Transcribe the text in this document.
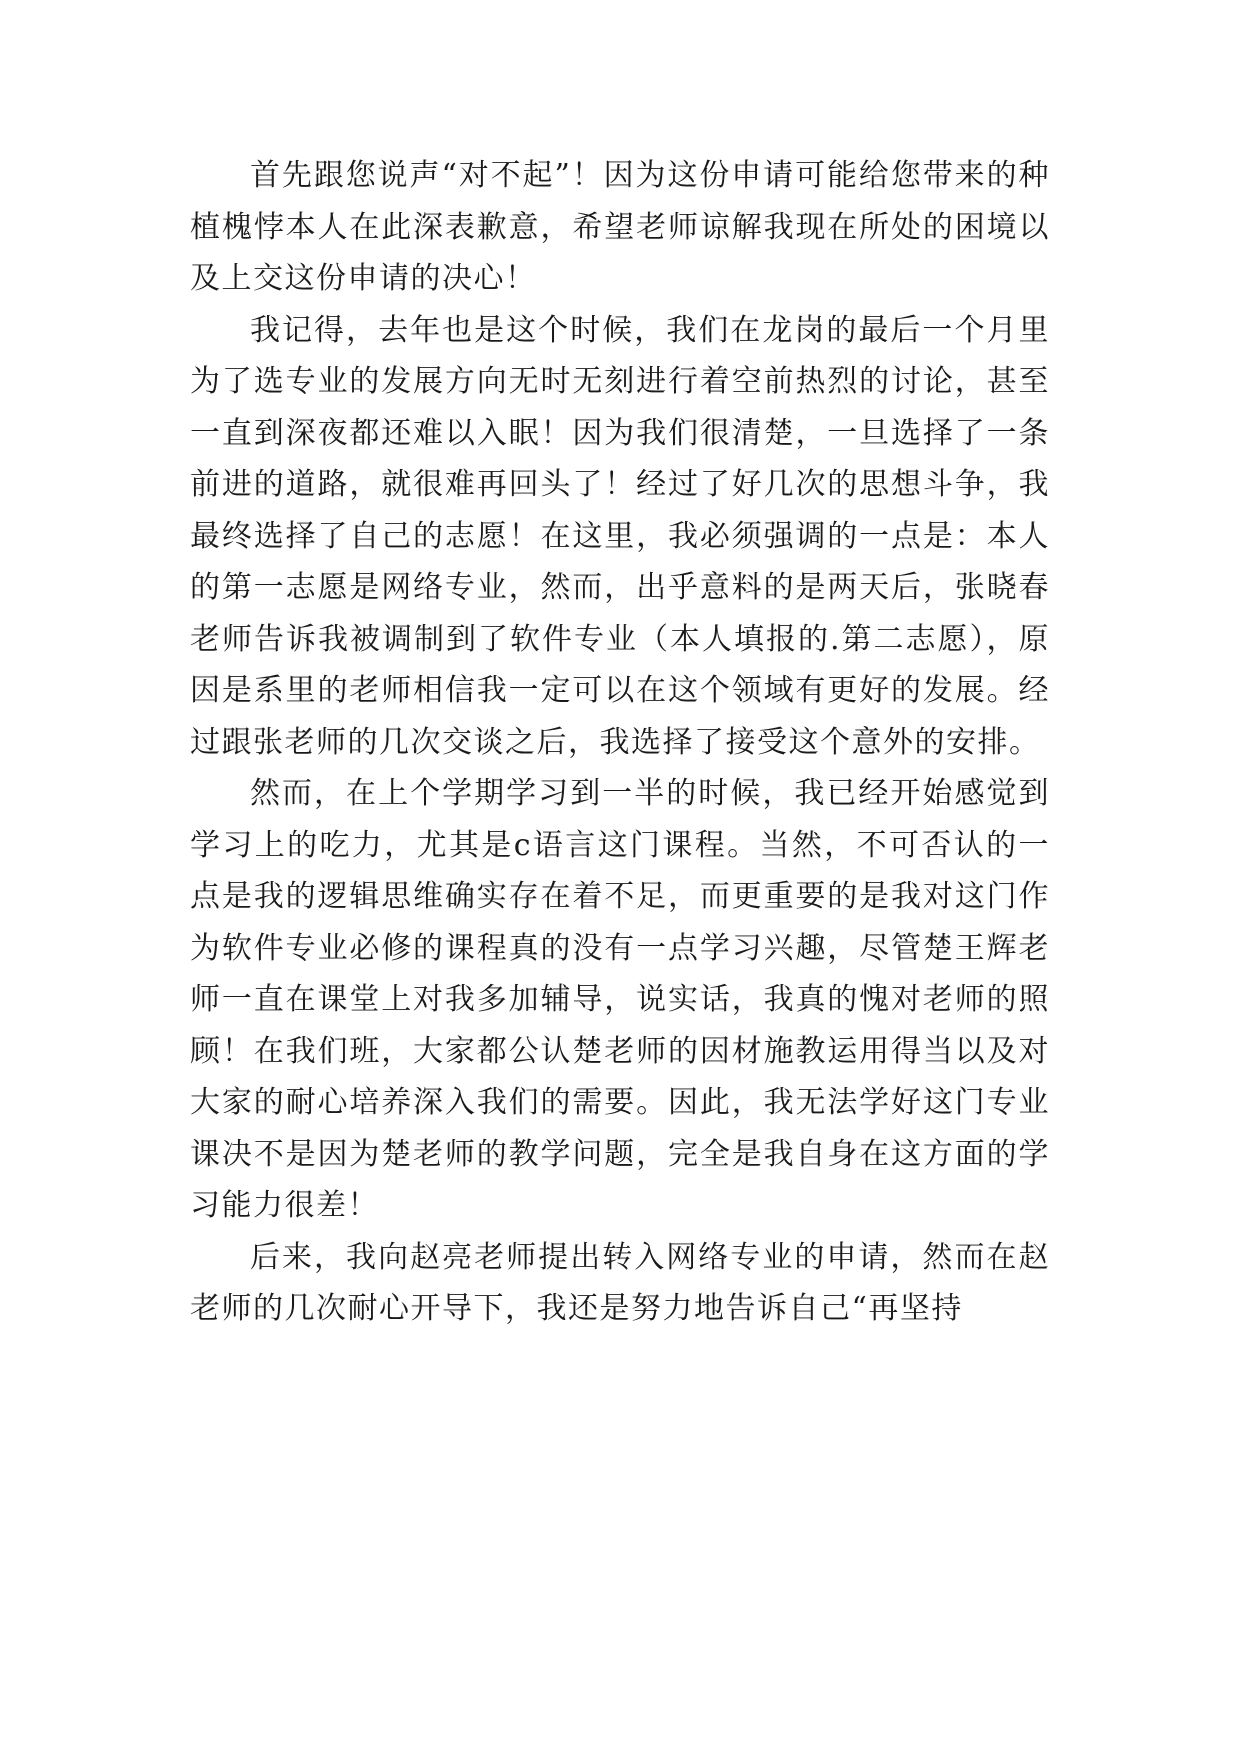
首先跟您说声“对不起”！因为这份申请可能给您带来的种植槐悖本人在此深表歉意，希望老师谅解我现在所处的困境以及上交这份申请的决心！

我记得，去年也是这个时候，我们在龙岗的最后一个月里为了选专业的发展方向无时无刻进行着空前热烈的讨论，甚至一直到深夜都还难以入眠！因为我们很清楚，一旦选择了一条前进的道路，就很难再回头了！经过了好几次的思想斗争，我最终选择了自己的志愿！在这里，我必须强调的一点是：本人的第一志愿是网络专业，然而，出乎意料的是两天后，张晓春老师告诉我被调制到了软件专业（本人填报的.第二志愿），原因是系里的老师相信我一定可以在这个领域有更好的发展。经过跟张老师的几次交谈之后，我选择了接受这个意外的安排。

然而，在上个学期学习到一半的时候，我已经开始感觉到学习上的吃力，尤其是c语言这门课程。当然，不可否认的一点是我的逻辑思维确实存在着不足，而更重要的是我对这门作为软件专业必修的课程真的没有一点学习兴趣，尽管楚王辉老师一直在课堂上对我多加辅导，说实话，我真的愧对老师的照顾！在我们班，大家都公认楚老师的因材施教运用得当以及对大家的耐心培养深入我们的需要。因此，我无法学好这门专业课决不是因为楚老师的教学问题，完全是我自身在这方面的学习能力很差！

后来，我向赵亮老师提出转入网络专业的申请，然而在赵老师的几次耐心开导下，我还是努力地告诉自己“再坚持
